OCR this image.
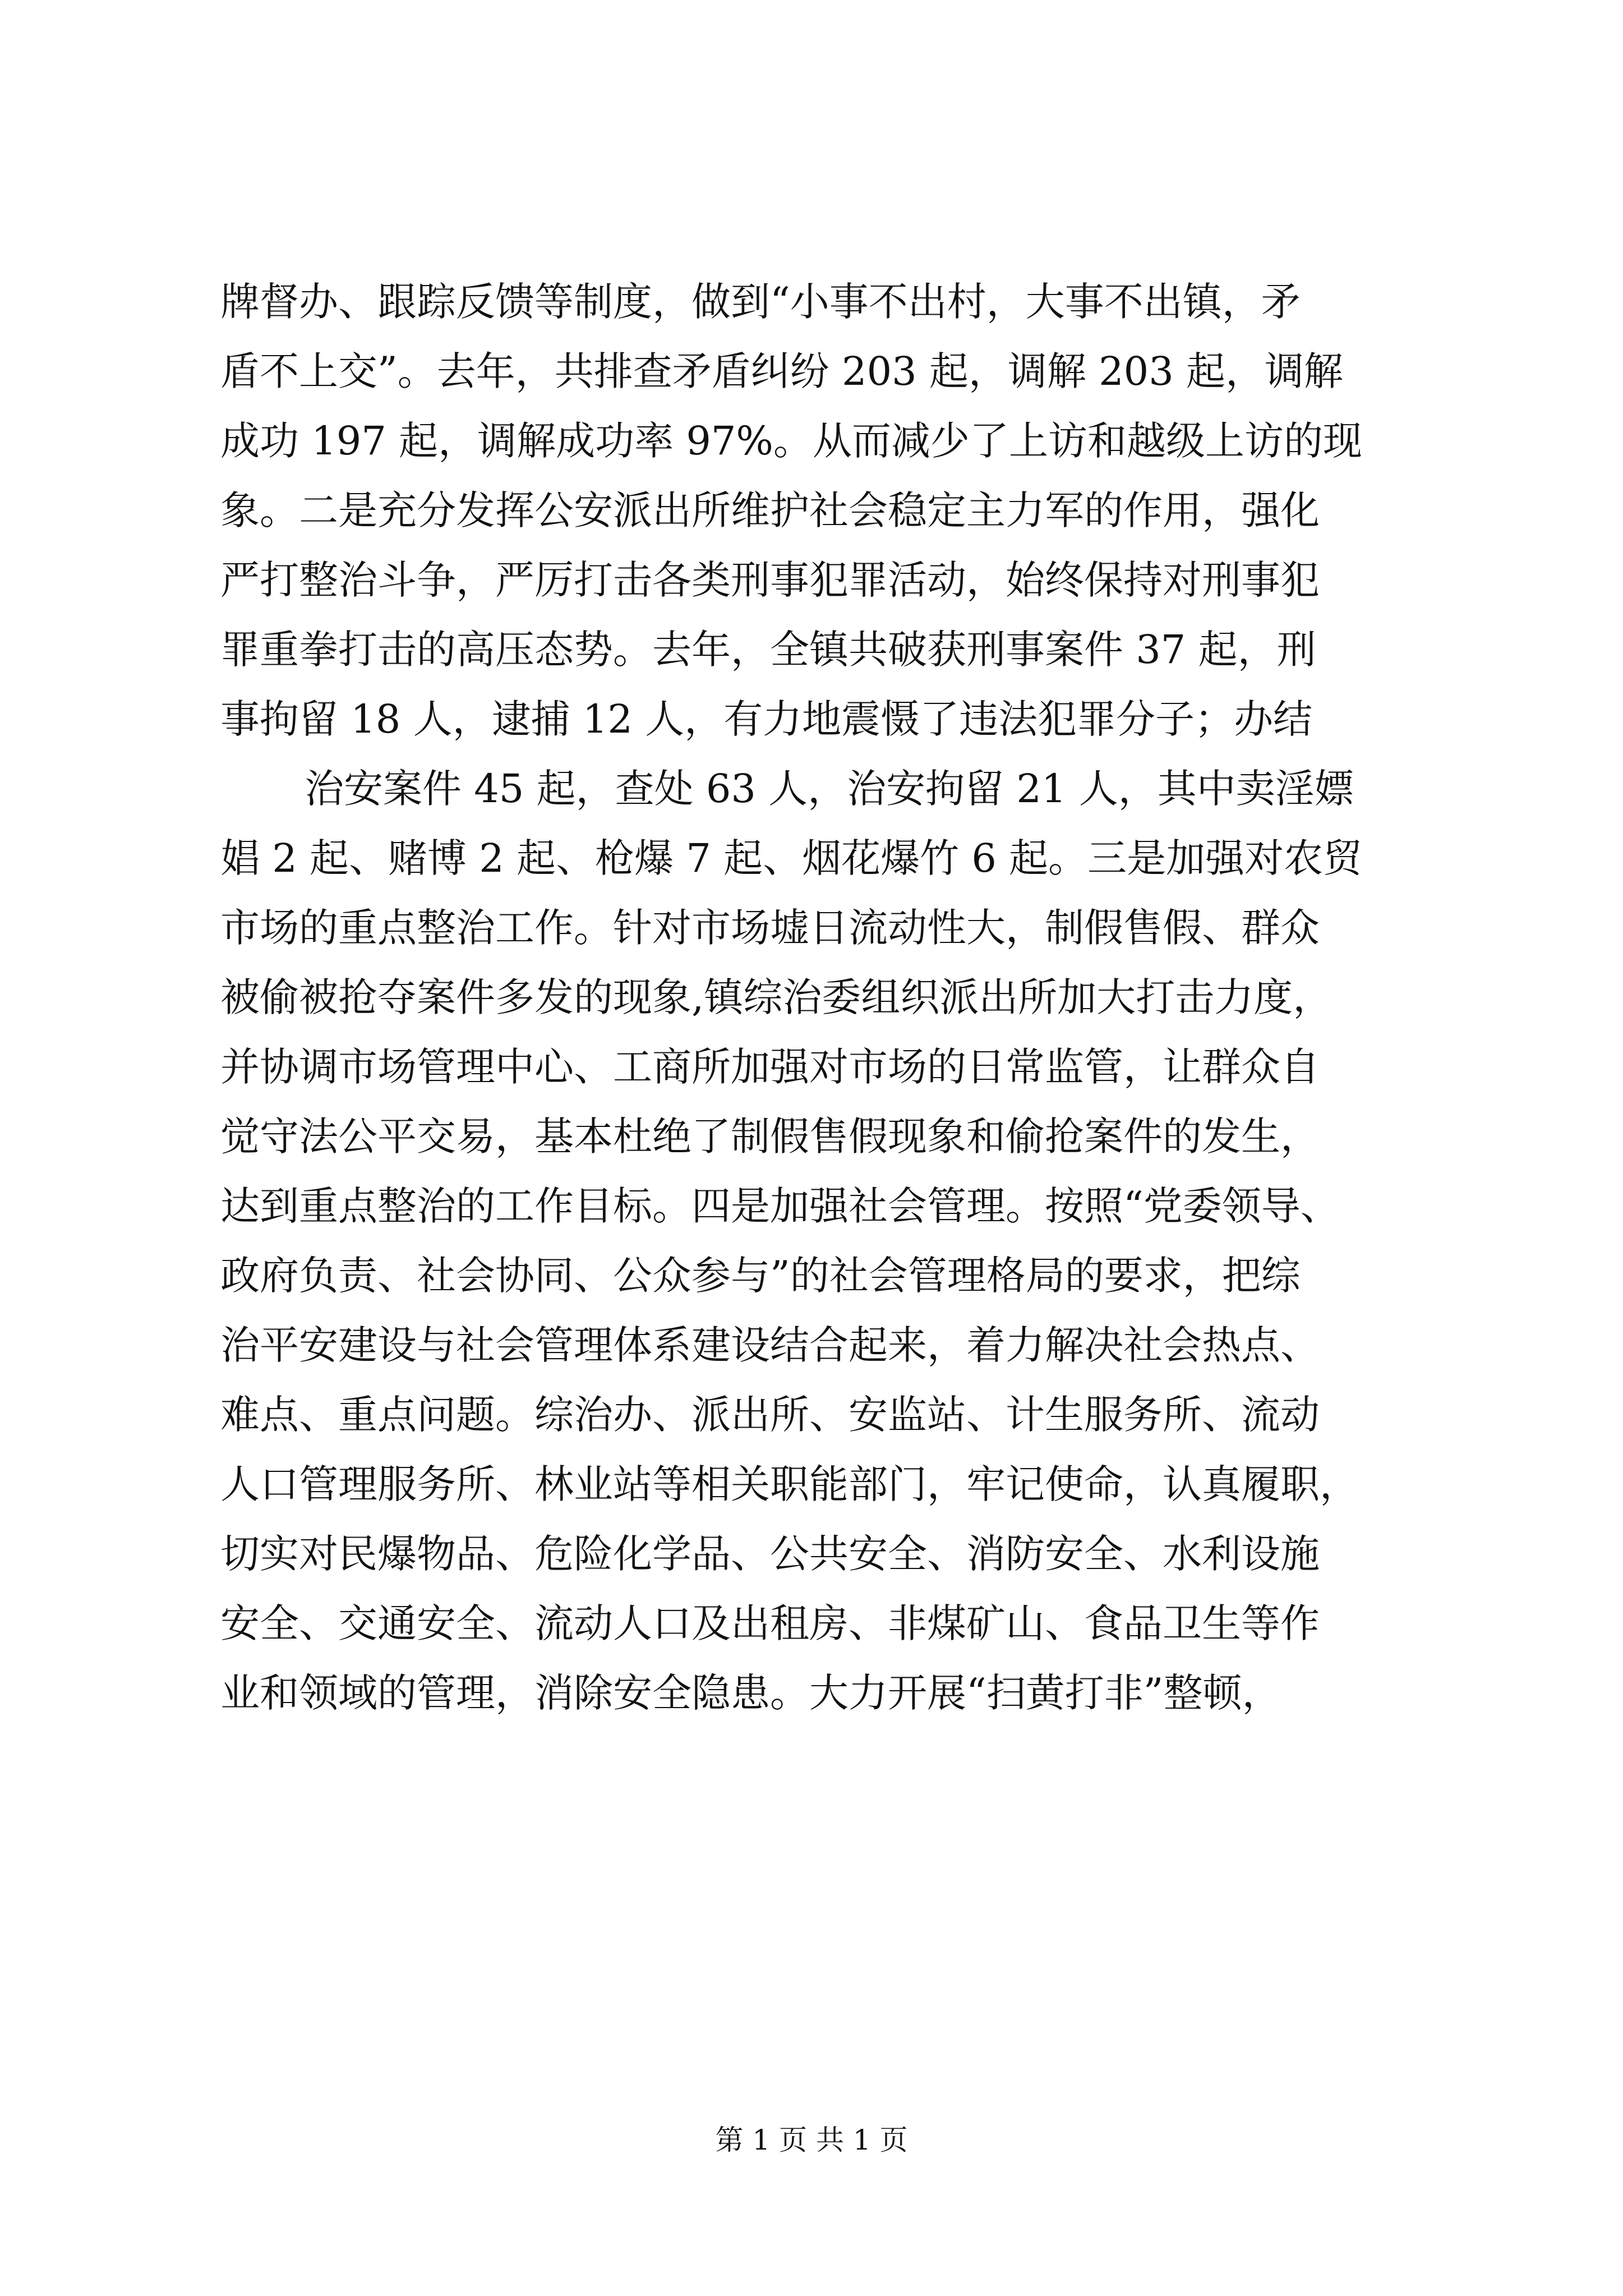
牌督办、跟踪反馈等制度，做到“小事不出村，大事不出镇，矛
盾不上交”。去年，共排查矛盾纠纷 203 起，调解 203 起，调解
成功 197 起，调解成功率 97%。从而减少了上访和越级上访的现
象。二是充分发挥公安派出所维护社会稳定主力军的作用，强化
严打整治斗争，严厉打击各类刑事犯罪活动，始终保持对刑事犯
罪重拳打击的高压态势。去年，全镇共破获刑事案件 37 起，刑
事拘留 18 人，逮捕 12 人，有力地震慑了违法犯罪分子；办结
治安案件 45 起，查处 63 人，治安拘留 21 人，其中卖淫嫖
娼 2 起、赌博 2 起、枪爆 7 起、烟花爆竹 6 起。三是加强对农贸
市场的重点整治工作。针对市场墟日流动性大，制假售假、群众
被偷被抢夺案件多发的现象,镇综治委组织派出所加大打击力度，
并协调市场管理中心、工商所加强对市场的日常监管，让群众自
觉守法公平交易，基本杜绝了制假售假现象和偷抢案件的发生，
达到重点整治的工作目标。四是加强社会管理。按照“党委领导、
政府负责、社会协同、公众参与”的社会管理格局的要求，把综
治平安建设与社会管理体系建设结合起来，着力解决社会热点、
难点、重点问题。综治办、派出所、安监站、计生服务所、流动
人口管理服务所、林业站等相关职能部门，牢记使命，认真履职，
切实对民爆物品、危险化学品、公共安全、消防安全、水利设施
安全、交通安全、流动人口及出租房、非煤矿山、食品卫生等作
业和领域的管理，消除安全隐患。大力开展“扫黄打非”整顿，
第 1 页 共 1 页
